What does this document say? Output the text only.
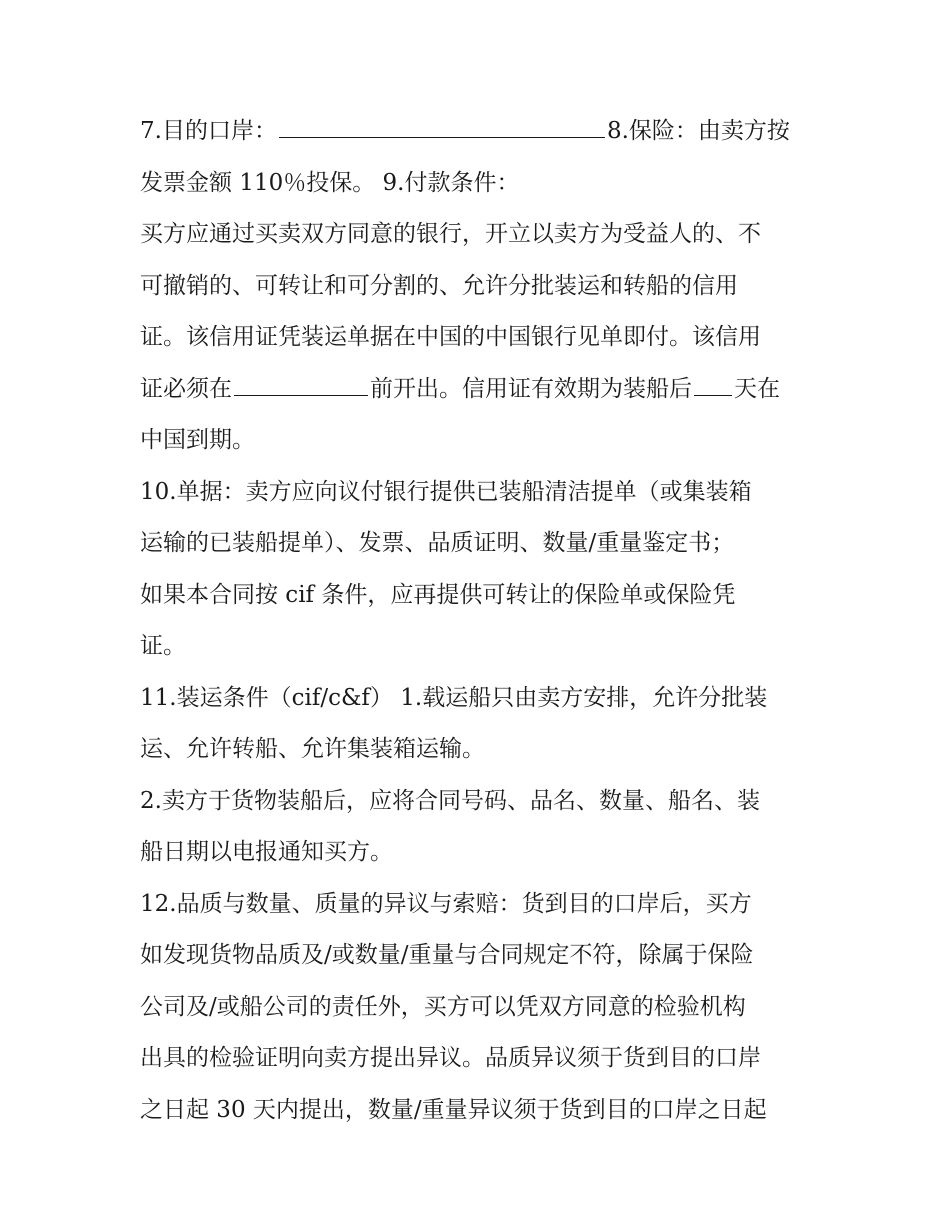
7.目的口岸：	8.保险：由卖方按
发票金额 110％投保。 9.付款条件：
买方应通过买卖双方同意的银行，开立以卖方为受益人的、不
可撤销的、可转让和可分割的、允许分批装运和转船的信用
证。该信用证凭装运单据在中国的中国银行见单即付。该信用
证必须在	前开出。信用证有效期为装船后 天在
中国到期。
10.单据：卖方应向议付银行提供已装船清洁提单（或集装箱
运输的已装船提单）、发票、品质证明、数量/重量鉴定书；
如果本合同按 cif 条件，应再提供可转让的保险单或保险凭
证。
11.装运条件（cif/c&f） 1.载运船只由卖方安排，允许分批装
运、允许转船、允许集装箱运输。
2.卖方于货物装船后，应将合同号码、品名、数量、船名、装
船日期以电报通知买方。
12.品质与数量、质量的异议与索赔：货到目的口岸后，买方
如发现货物品质及/或数量/重量与合同规定不符，除属于保险
公司及/或船公司的责任外，买方可以凭双方同意的检验机构
出具的检验证明向卖方提出异议。品质异议须于货到目的口岸
之日起 30 天内提出，数量/重量异议须于货到目的口岸之日起
